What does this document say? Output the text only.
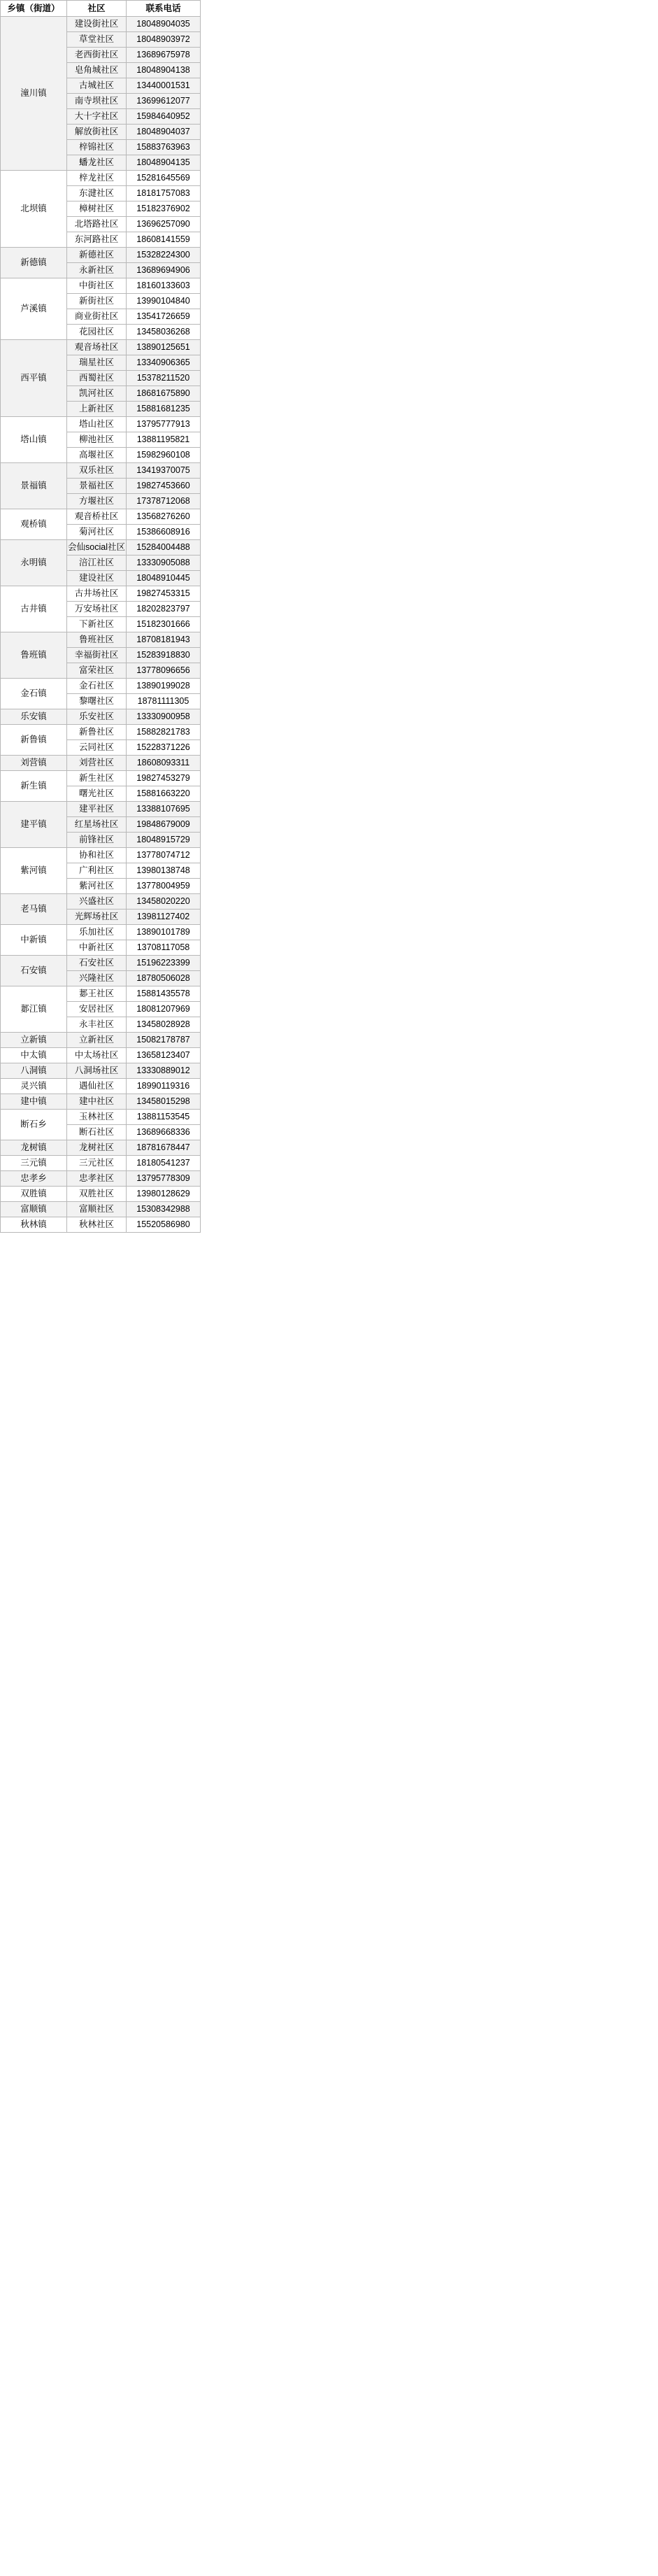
乡镇（街道）	社区	联系电话	
潼川镇	建设街社区	18048904035	
	草堂社区	18048903972	
	老西街社区	13689675978	
	皂角城社区	18048904138	
	古城社区	13440001531	
	南寺坝社区	13699612077	
	大十字社区	15984640952	
	解放街社区	18048904037	
	梓锦社区	15883763963	
	蟠龙社区	18048904135	
北坝镇	梓龙社区	15281645569	
	东湕社区	18181757083	
	樟树社区	15182376902	
	北塔路社区	13696257090	
	东河路社区	18608141559	
新德镇	新德社区	15328224300	
	永新社区	13689694906	
芦溪镇	中街社区	18160133603	
	新街社区	13990104840	
	商业街社区	13541726659	
	花园社区	13458036268	
西平镇	观音场社区	13890125651	
	瑞星社区	13340906365	
	西蜀社区	15378211520	
	凯河社区	18681675890	
	上新社区	15881681235	
塔山镇	塔山社区	13795777913	
	柳池社区	13881195821	
	高堰社区	15982960108	
景福镇	双乐社区	13419370075	
	景福社区	19827453660	
	方堰社区	17378712068	
观桥镇	观音桥社区	13568276260	
	菊河社区	15386608916	
永明镇	会仙social社区	15284004488	
	涪江社区	13330905088	
	建设社区	18048910445	
古井镇	古井场社区	19827453315	
	万安场社区	18202823797	
	下新社区	15182301666	
鲁班镇	鲁班社区	18708181943	
	幸福街社区	15283918830	
	富荣社区	13778096656	
金石镇	金石社区	13890199028	
	黎曙社区	18781111305	
乐安镇	乐安社区	13330900958	
新鲁镇	新鲁社区	15882821783	
	云同社区	15228371226	
刘营镇	刘营社区	18608093311	
新生镇	新生社区	19827453279	
	曙光社区	15881663220	
建平镇	建平社区	13388107695	
	红星场社区	19848679009	
	前锋社区	18048915729	
紫河镇	协和社区	13778074712	
	广利社区	13980138748	
	紫河社区	13778004959	
老马镇	兴盛社区	13458020220	
	光辉场社区	13981127402	
中新镇	乐加社区	13890101789	
	中新社区	13708117058	
石安镇	石安社区	15196223399	
	兴隆社区	18780506028	
郪江镇	郪王社区	15881435578	
	安居社区	18081207969	
	永丰社区	13458028928	
立新镇	立新社区	15082178787	
中太镇	中太场社区	13658123407	
八洞镇	八洞场社区	13330889012	
灵兴镇	遇仙社区	18990119316	
建中镇	建中社区	13458015298	
断石乡	玉林社区	13881153545	
	断石社区	13689668336	
龙树镇	龙树社区	18781678447	
三元镇	三元社区	18180541237	
忠孝乡	忠孝社区	13795778309	
双胜镇	双胜社区	13980128629	
富顺镇	富顺社区	15308342988	
秋林镇	秋林社区	15520586980	
